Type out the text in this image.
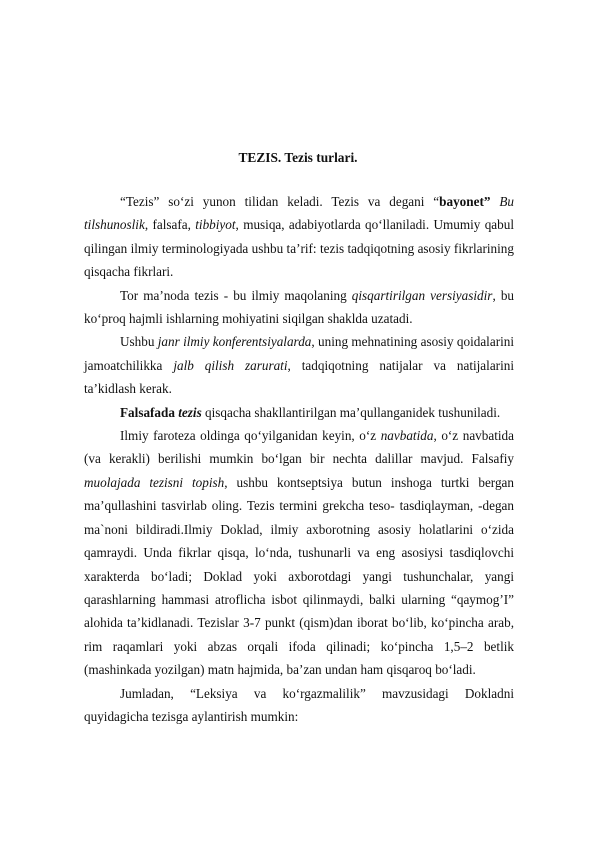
TEZIS. Tezis turlari.

“Tezis” so‘zi yunon tilidan keladi. Tezis va degani “bayonet” Bu tilshunoslik, falsafa, tibbiyot, musiqa, adabiyotlarda qo‘llaniladi. Umumiy qabul qilingan ilmiy terminologiyada ushbu ta’rif: tezis tadqiqotning asosiy fikrlarining qisqacha fikrlari.

Tor ma’noda tezis - bu ilmiy maqolaning qisqartirilgan versiyasidir, bu ko‘proq hajmli ishlarning mohiyatini siqilgan shaklda uzatadi.

Ushbu janr ilmiy konferentsiyalarda, uning mehnatining asosiy qoidalarini jamoatchilikka jalb qilish zarurati, tadqiqotning natijalar va natijalarini ta’kidlash kerak.

Falsafada tezis qisqacha shakllantirilgan ma’qullanganidek tushuniladi.

Ilmiy faroteza oldinga qo‘yilganidan keyin, o‘z navbatida, o‘z navbatida (va kerakli) berilishi mumkin bo‘lgan bir nechta dalillar mavjud. Falsafiy muolajada tezisni topish, ushbu kontseptsiya butun inshoga turtki bergan ma’qullashini tasvirlab oling. Tezis termini grekcha teso- tasdiqlayman, -degan ma`noni bildiradi.Ilmiy Doklad, ilmiy axborotning asosiy holatlarini o‘zida qamraydi. Unda fikrlar qisqa, lo‘nda, tushunarli va eng asosiysi tasdiqlovchi xarakterda bo‘ladi; Doklad yoki axborotdagi yangi tushunchalar, yangi qarashlarning hammasi atroflicha isbot qilinmaydi, balki ularning “qaymog’I” alohida ta’kidlanadi. Tezislar 3-7 punkt (qism)dan iborat bo‘lib, ko‘pincha arab, rim raqamlari yoki abzas orqali ifoda qilinadi; ko‘pincha 1,5–2 betlik (mashinkada yozilgan) matn hajmida, ba’zan undan ham qisqaroq bo‘ladi.

Jumladan, “Leksiya va ko‘rgazmalilik” mavzusidagi Dokladni quyidagicha tezisga aylantirish mumkin:
